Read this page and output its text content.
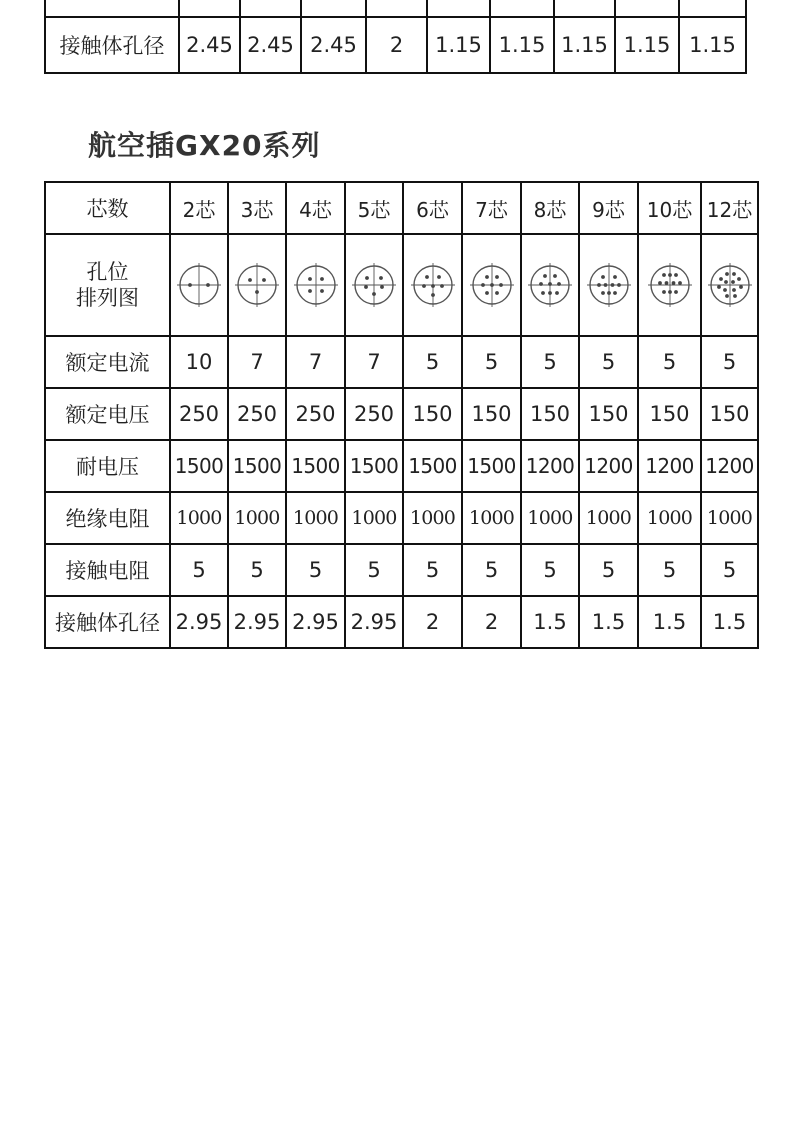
接触体孔径	2.45	2.45	2.45	2	1.15	1.15	1.15	1.15	1.15
航空插GX20系列
芯数	2芯	3芯	4芯	5芯	6芯	7芯	8芯	9芯	10芯	12芯

孔位
排列图

额定电流	10	7	7	7	5	5	5	5	5	5
额定电压	250	250	250	250	150	150	150	150	150	150
耐电压	1500	1500	1500	1500	1500	1500	1200	1200	1200	1200
绝缘电阻	1000	1000	1000	1000	1000	1000	1000	1000	1000	1000
接触电阻	5	5	5	5	5	5	5	5	5	5
接触体孔径	2.95	2.95	2.95	2.95	2	2	1.5	1.5	1.5	1.5
